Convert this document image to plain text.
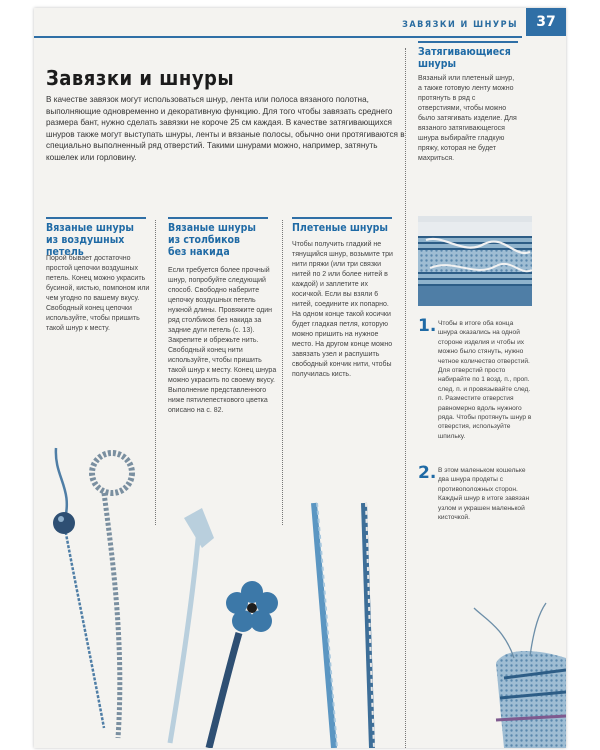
ЗАВЯЗКИ И ШНУРЫ	37
Завязки и шнуры
В качестве завязок могут использоваться шнур, лента или полоса вязаного полотна, выполняющие одновременно и декоративную функцию. Для того чтобы завязать среднего размера бант, нужно сделать завязки не короче 25 см каждая. В качестве затягивающихся шнуров также могут выступать шнуры, ленты и вязаные полосы, обычно они протягиваются в специально выполненный ряд отверстий. Такими шнурами можно, например, затянуть кошелек или горловину.
Затягивающиеся
шнуры
Вязаный или плетеный шнур, а также готовую ленту можно протянуть в ряд с отверстиями, чтобы можно было затягивать изделие. Для вязаного затягивающегося шнура выбирайте гладкую пряжу, которая не будет махриться.
Вязаные шнуры
из воздушных петель
Порой бывает достаточно простой цепочки воздушных петель. Конец можно украсить бусиной, кистью, помпоном или чем угодно по вашему вкусу. Свободный конец цепочки используйте, чтобы пришить такой шнур к месту.
Вязаные шнуры
из столбиков
без накида
Если требуется более прочный шнур, попробуйте следующий способ. Свободно наберите цепочку воздушных петель нужной длины. Провяжите один ряд столбиков без накида за задние дуги петель (с. 13). Закрепите и обрежьте нить. Свободный конец нити используйте, чтобы пришить такой шнур к месту. Конец шнура можно украсить по своему вкусу. Выполнение представленного ниже пятилепесткового цветка описано на с. 82.
Плетеные шнуры
Чтобы получить гладкий не тянущийся шнур, возьмите три нити пряжи (или три связки нитей по 2 или более нитей в каждой) и заплетите их косичкой. Если вы взяли 6 нитей, соедините их попарно. На одном конце такой косички будет гладкая петля, которую можно пришить на нужное место. На другом конце можно завязать узел и распушить свободный кончик нити, чтобы получилась кисть.
1. Чтобы в итоге оба конца шнура оказались на одной стороне изделия и чтобы их можно было стянуть, нужно четное количество отверстий. Для отверстий просто набирайте по 1 возд. п., проп. след. п. и провязывайте след. п. Разместите отверстия равномерно вдоль нужного ряда. Чтобы протянуть шнур в отверстия, используйте шпильку.
2. В этом маленьком кошельке два шнура продеты с противоположных сторон. Каждый шнур в итоге завязан узлом и украшен маленькой кисточкой.
